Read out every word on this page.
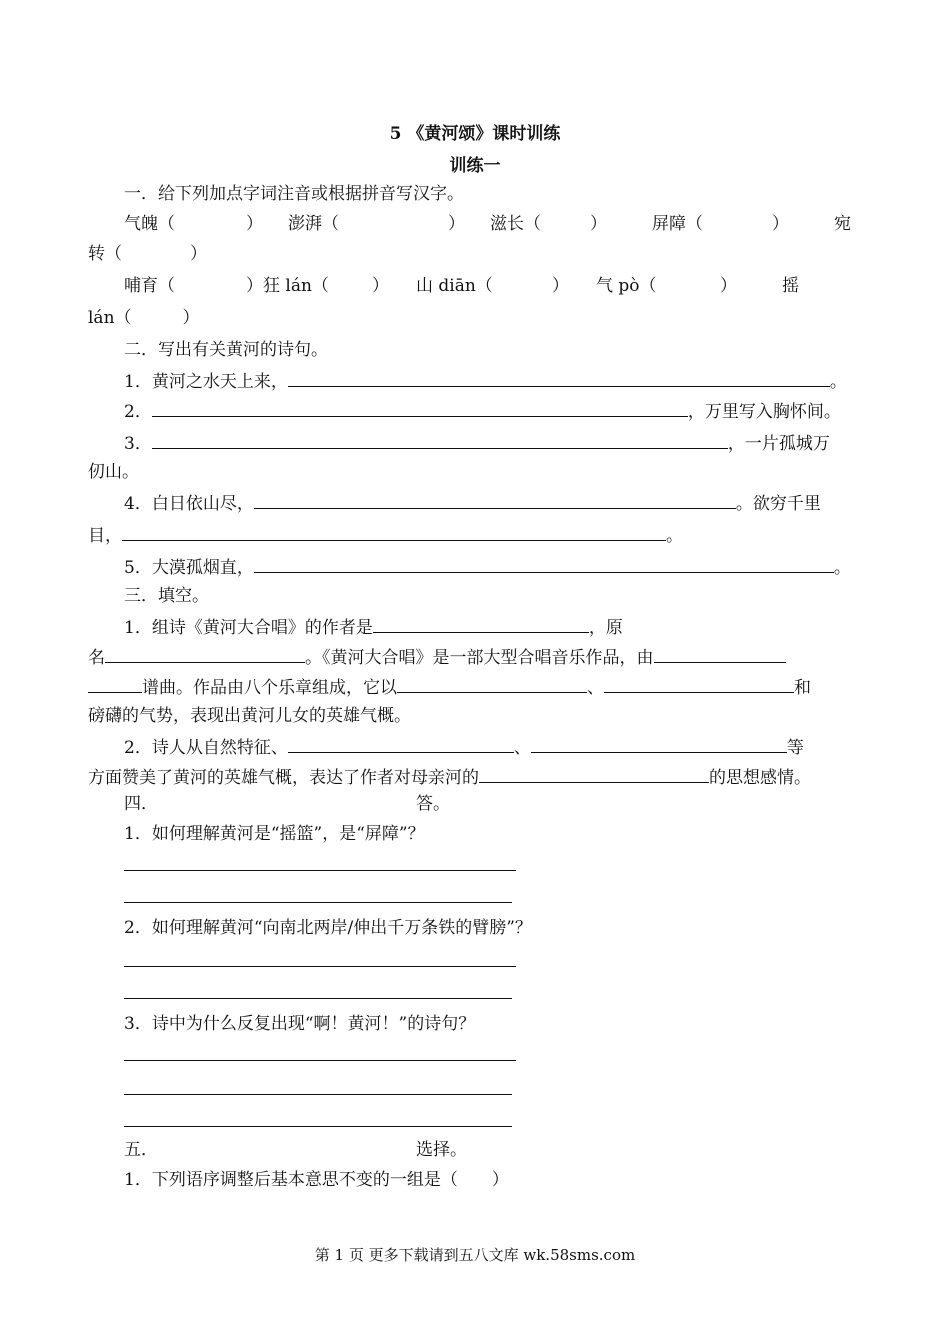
5 《黄河颂》课时训练
训练一
一．给下列加点字词注音或根据拼音写汉字。
气魄（	） 澎湃（	） 滋长（	）	屏障（	）	宛
转（　　　　）
哺育（	）狂 lán（	） 山 diān（	） 气 pò（	）	摇
lán（　　　）
二．写出有关黄河的诗句。
1．黄河之水天上来，	。
2．	，万里写入胸怀间。
3．	，一片孤城万
仞山。
4．白日依山尽，	。欲穷千里
目，	。
5．大漠孤烟直，	。
三．填空。
1．组诗《黄河大合唱》的作者是	，原
名	。《黄河大合唱》是一部大型合唱音乐作品，由
谱曲。作品由八个乐章组成，它以	、	和
磅礴的气势，表现出黄河儿女的英雄气概。
2．诗人从自然特征、	、	等
方面赞美了黄河的英雄气概，表达了作者对母亲河的	的思想感情。
四．	答。
1．如何理解黄河是“摇篮”，是“屏障”？
2．如何理解黄河“向南北两岸/伸出千万条铁的臂膀”？
3．诗中为什么反复出现“啊！黄河！”的诗句？
五．	选择。
1．下列语序调整后基本意思不变的一组是（　　）
第 1 页 更多下载请到五八文库 wk.58sms.com
